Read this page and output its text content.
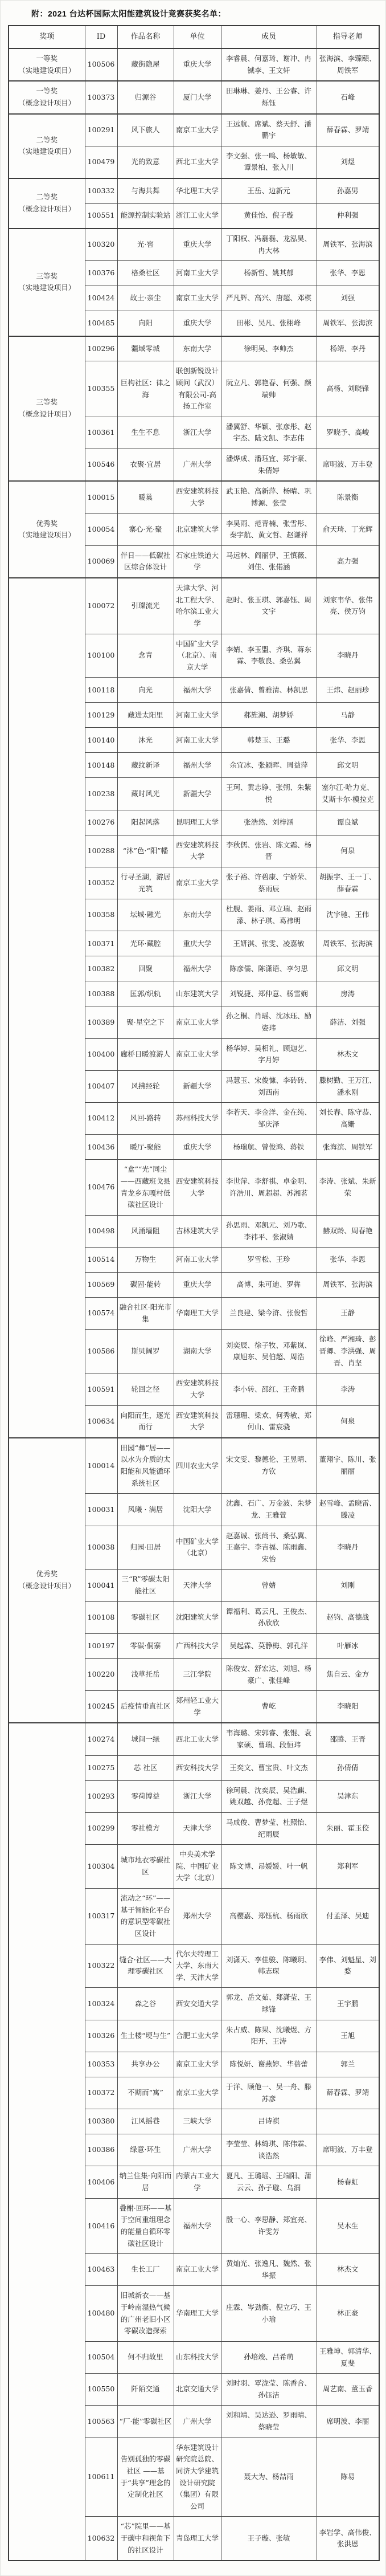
附：2021 台达杯国际太阳能建筑设计竞赛获奖名单：
奖项	ID	作品名称	单位	成员	指导老师

一等奖
（实地建设项目）	100506	藏街隐屋	重庆大学	李睿晨、何嘉琦、谢冲、冉铖李、王文轩	张海滨、李臻赜、周铁军

一等奖
（概念设计项目）	100373	归源谷	厦门大学	田琳琳、姜丹、王公睿、许烁钰	石峰

二等奖
（实地建设项目）	100291	风下旅人	南京工业大学	王远航、席斌、蔡天舒、潘鹏宇	薛春霖、罗靖
	100479	光的致意	西北工业大学	李文强、张一鸣、杨敏敏、谭景柏、张入川	刘煜

二等奖
（概念设计项目）	100332	与海共舞	华北理工大学	王岳、边新元	孙嘉男
	100551	能源控制实验站	浙江工业大学	黄佳怡、倪子璇	仲利强

三等奖
（实地建设项目）	100320	光·窖	重庆大学	丁阳权、冯磊磊、龙泓昊、冉大林	周铁军、张海滨
	100376	格桑社区	河南工业大学	杨新哲、姚其郁	张华、李恩
	100424	故土·亲尘	南京工业大学	严凡辉、高兴、唐超、邓棋	刘强
	100485	向阳	重庆大学	田彬、吴凡、张栩峰	周铁军、张海滨

三等奖
（概念设计项目）	100296	疆域零城	东南大学	徐明吴、李帅杰	杨靖、李丹
	100355	巨构社区：律之海	联创新锐设计顾问（武汉）有限公司-高扬工作室	阮立凡、郭艳春、何强、颜端帅	高杨、刘晓锋
	100361	生生不息	浙江大学	潘翼舒、华颖、张彦彤、赵宇杰、陆文凯、李志伟	罗晓予、高峻
	100546	衣聚·宜居	广州大学	潘烨成、潘珏宜、郑宇豪、朱倩婷	席明波、万丰登

优秀奖
（实地建设项目）	100015	暖巢	西安建筑科技大学	武玉艳、高新萍、杨晴、巩博源、张莹	陈景衡
	100054	寨心·光·聚	北京建筑大学	李昊雨、范青楠、张雪彤、秦宇航、黄文哲、赵谦祥	俞天琦、丁光辉
	100069	伴日——低碳社区综合体设计	石家庄铁道大学	马远林、阎丽伊、王慎薇、刘佳、张偌涵	高力强
	100072	引璨流光	天津大学、河北工程大学、哈尔滨工业大学	赵时、张玉琪、郭嘉钰、周文宇	刘家韦华、张伟亮、侯万钧
	100100	念青	中国矿业大学（北京）、南京大学	李婧、李玉盟、齐琪、蒋东霖、李敬良、桑弘翼	李晓丹
	100118	向光	福州大学	张嘉倩、曾雅清、林凯思	王炜、赵丽珍
	100129	藏进太阳里	河南工业大学	郝旌潮、胡梦娇	马静
	100140	沐光	河南工业大学	韩楚玉、王璐	张华、李恩
	100148	藏纹新译	福州大学	余宜冰、张颖晖、周益萍	邱文明
	100238	藏时风光	新疆大学	王珂、黄志铮、张朔、朱紫悦	塞尔江·哈力克、艾斯卡尔·模拉克
	100276	阳起风落	昆明理工大学	张浩然、刘梓涵	谭良斌
	100288	“沐”色·“阳”幡	西安建筑科技大学	李秋儒、张岩、陈文霜、杨晋	何泉
	100352	行寻圣湖，游居光筑	南京工业大学	张子裕、许碧康、宁娇荣、蔡雨辰	胡振宇、王一丁、薛春霖
	100358	坛城·融光	东南大学	杜舰、姜雨、邓立瑞、赵雨濛、林子琪、葛祎明	沈宇驰、王伟
	100371	光环·藏腔	重庆大学	王妍淇、张雯、凌嘉敏	周铁军、张海滨
	100382	回聚	福州大学	陈彦儒、陈潇语、李匀思	邱文明
	100388	匡郭/织轨	山东建筑大学	刘锐捷、郑仲意、杨雪娴	房涛
	100389	聚·星空之下	南京工业大学	孙之桐、肖瑶、沈冰珏、励姿玮	薛洁、刘强
	100400	廊桥日暖渡游人	南京工业大学	杨华婷、吴相礼、顾迦艺、字月婷	林杰文
	100407	风拂经轮	新疆大学	冯慧玉、宋俊慷、李砖砖、刘西南	滕树勤、王万江、潘永刚
	100412	风回-路转	苏州科技大学	李若天、李金洋、金在纯、邹庆泽	刘长春、陈守恭、高姗
	100436	暖厅-聚能	重庆大学	杨瑞航、曾俊鸿、蒋铁	张海滨、周铁军
	100476	“盒”“光”同尘——西藏班戈县青龙乡东嘎村低碳社区设计	西安建筑科技大学	李世萍、李舒祺、卓金明、许浩川、周超超、苏湘茗	李涛、张斌、朱新荣
	100498	风涌墙阻	吉林建筑大学	孙思雨、邓凯元、刘乃歌、李祎平、张淑婧	赫双龄、周春艳
	100514	万物生	河南工业大学	罗雪松、王珍	张华、李恩
	100569	碳固·能转	重庆大学	高博、朱可迪、罗犇	周铁军、张海滨
	100574	融合社区·阳光市集	华南理工大学	兰良建、梁今浒、张俊哲	王静
	100586	斯贝阔罗	湖南大学	刘奕辰、徐子牧、邓紫岚、康旭东、吴伯超、周浩	徐峰、严湘琦、彭晋卿、李洪强、周晋、肖坚
	100591	轮回之径	西安建筑科技大学	李小转、邵红、王奇鹏	李涛
	100634	向阳而生，逐光而行	西安建筑科技大学	雷珊珊、梁欢、何秀敏、郑何山、雷宸骁	何泉

优秀奖
（概念设计项目）	100014	田园“彝”居——以水为介质的太阳能和风能循环系统社区	四川农业大学	宋文雯、黎德伦、王昱晴、方钦	董翔宇、陈川、张丽丽
	100031	风曦 · 满居	沈阳大学	沈鑫、石广、万金波、朱梦龙、王雅萱	赵雪峰、孟晓雷、滕凌
	100038	归园·田居	中国矿业大学（北京）	赵嘉诚、张尚书、桑弘翼、王嘉宇、李吉福、陈雨鑫、宋怡	李晓丹
	100041	三“R”零碳太阳能社区	天津大学	曾婧	刘刚
	100108	零碳社区	沈阳建筑大学	谭福利、葛云凡、王俊杰、孙欣欣	赵钧、高德战
	100197	零碳·侗寨	广西科技大学	吴起霖、莫静梅、郭孔洋	叶雁冰
	100220	浅草托岳	三江学院	陈俊安、舒宏达、刘旭、杨豪广、张佳峰	焦自云、金方
	100245	后疫情垂直社区	郑州轻工业大学	曹屹	李晓阳
	100274	城间一绿	西北工业大学	韦海璐、宋郭睿、张锟、袁家硕、曹瑞、段恒玮	邵腾、王晋
	100275	芯 社区	西安科技大学	王奕文、曹宝贵、叶文杰	孙倩倩
	100293	零荷博益	浙江大学	徐珂晨、沈奕辰、吴浩麒、姚双越、孙竞超、王子煜	吴津东
	100299	零社模方	天津大学	马成俊、曹梦莹、杜照怡、纪雨辰	朱丽、霍玉佼
	100304	城市地衣零碳社区	中央美术学院、中国矿业大学（北京）	陈文博、昂媛媛、叶一帆	郑利军
	100317	流动之“环”——基于智能化平台的意识型零碳社区设计	郑州大学	高樱嘉、郑钰杭、杨雨欣	付孟泽、吴迪
	100322	缝合·社区——大理零碳社区	代尔夫特理工大学、东南大学、天津大学	刘潇天、李佳骏、陈曦玥、韩志琛	李伟、刘魁星、刘婺
	100324	森之谷	西安交通大学	郭龙、岳文茹、郑潇莹、王球锋	王宇鹏
	100326	生土楼“埂与生”	合肥工业大学	朱占威、陈果、沈曦煜、方阳开、王涛	王旭
	100353	共享办公	南京工业大学	陈悦妍、谢燕婷、华蓓蕾	郭兰
	100372	不期而“寓”	南京工业大学	于洋、顾他一、吴一舟、滕苏彦	薛春霖、罗靖
	100380	江风摇巷	三峡大学	吕诗祺	
	100386	绿意·环生	广州大学	李莹莹、林绮琪、陈伟霖、谈浩然	席明波、万丰登
	100406	纳兰住集·向阳而居	内蒙古工业大学	夏凡、王璐瑶、王端阳、蒲云云、孙子璇、乌润	杨春虹
	100416	叠榭·回环——基于空间重组理念的能量自循环零碳社区设计	福州大学	殷一心、李思静、郑宜亮、许雯芳	吴木生
	100463	生长工厂	南京工业大学	黄灿光、张逸凡、魏然、张华振	林杰文
	100480	旧城新衣——基于岭南湿热气候的广州老旧小区零碳改造探索	华南理工大学	庄霖、岑劲衡、倪立巧、王小瑜	林正豪
	100504	何不归故里	山东科技大学	孙培竣、吕希萌	王雅坤、郭清华、夏斐
	100550	阡陌交通	北京交通大学	刘时羽、覃泷莹、陈香合、孙钰洁	周艺南、董玉香
	100563	“厂·能”零碳社区	广州大学	刘和靖、吴达逊、罗雨晴、蔡晓莹	席明波、李丽
	100611	告别孤独的零碳社区 ——基于“共享”理念的定制化社区	华东建筑设计研究院总院、同济大学建筑设计研究院（集团）有限公司	聂大为、杨喆雨	陈易
	100632	“芯”院里——基于碳中和视角下的社区设计	青岛理工大学	王子璇、张敏	李岩学、高伟俊、张洪恩
